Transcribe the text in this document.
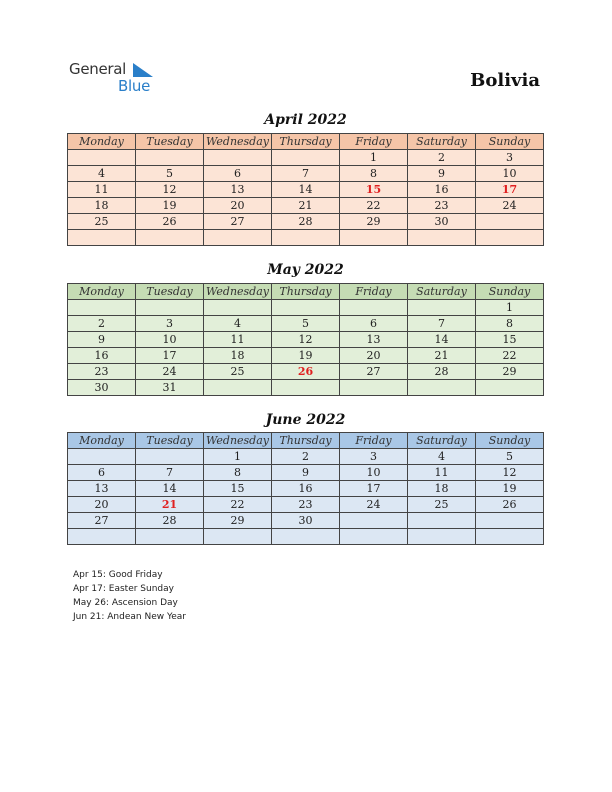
General
Blue	Bolivia
April 2022
Monday	Tuesday	Wednesday	Thursday	Friday	Saturday	Sunday
				1	2	3
4	5	6	7	8	9	10
11	12	13	14	15	16	17
18	19	20	21	22	23	24
25	26	27	28	29	30	

May 2022
Monday	Tuesday	Wednesday	Thursday	Friday	Saturday	Sunday
						1
2	3	4	5	6	7	8
9	10	11	12	13	14	15
16	17	18	19	20	21	22
23	24	25	26	27	28	29
30	31					
June 2022
Monday	Tuesday	Wednesday	Thursday	Friday	Saturday	Sunday
		1	2	3	4	5
6	7	8	9	10	11	12
13	14	15	16	17	18	19
20	21	22	23	24	25	26
27	28	29	30			

Apr 15: Good Friday
Apr 17: Easter Sunday
May 26: Ascension Day
Jun 21: Andean New Year
